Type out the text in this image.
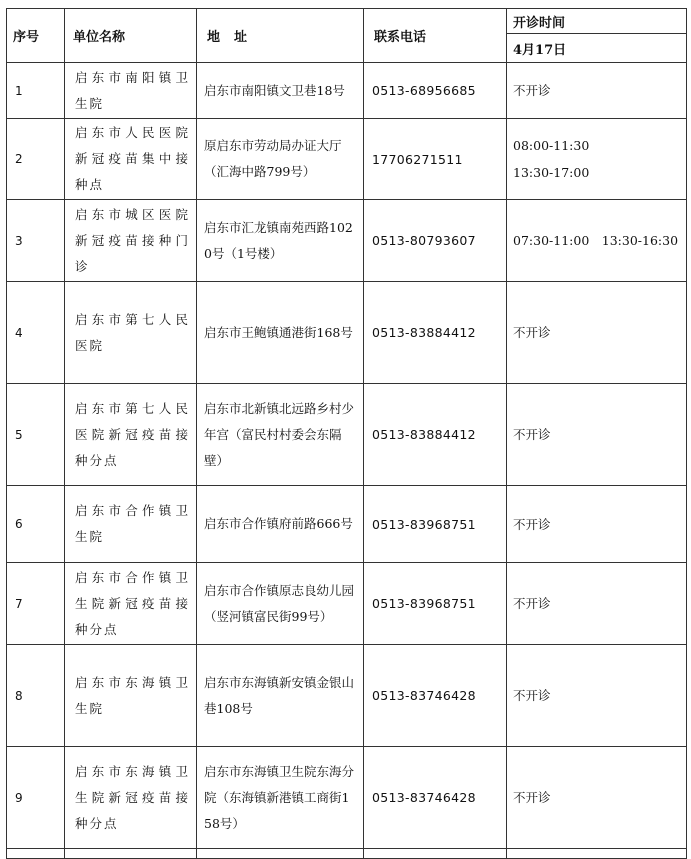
序号	单位名称	地址	联系电话	开诊时间
				4月17日
1	启东市南阳镇卫生院	启东市南阳镇文卫巷18号	0513-68956685	不开诊

2	启东市人民医院新冠疫苗集中接种点	原启东市劳动局办证大厅（汇海中路799号）	17706271511	08:00-11:30
13:30-17:00

3	启东市城区医院新冠疫苗接种门诊	启东市汇龙镇南苑西路1020号（1号楼）	0513-80793607	07:30-11:00　13:30-16:30

4	启东市第七人民医院	启东市王鲍镇通港街168号	0513-83884412	不开诊

5	启东市第七人民医院新冠疫苗接种分点	启东市北新镇北远路乡村少年宫（富民村村委会东隔壁）	0513-83884412	不开诊

6	启东市合作镇卫生院	启东市合作镇府前路666号	0513-83968751	不开诊

7	启东市合作镇卫生院新冠疫苗接种分点	启东市合作镇原志良幼儿园（竖河镇富民街99号）	0513-83968751	不开诊

8	启东市东海镇卫生院	启东市东海镇新安镇金银山巷108号	0513-83746428	不开诊

9	启东市东海镇卫生院新冠疫苗接种分点	启东市东海镇卫生院东海分院（东海镇新港镇工商街158号）	0513-83746428	不开诊
